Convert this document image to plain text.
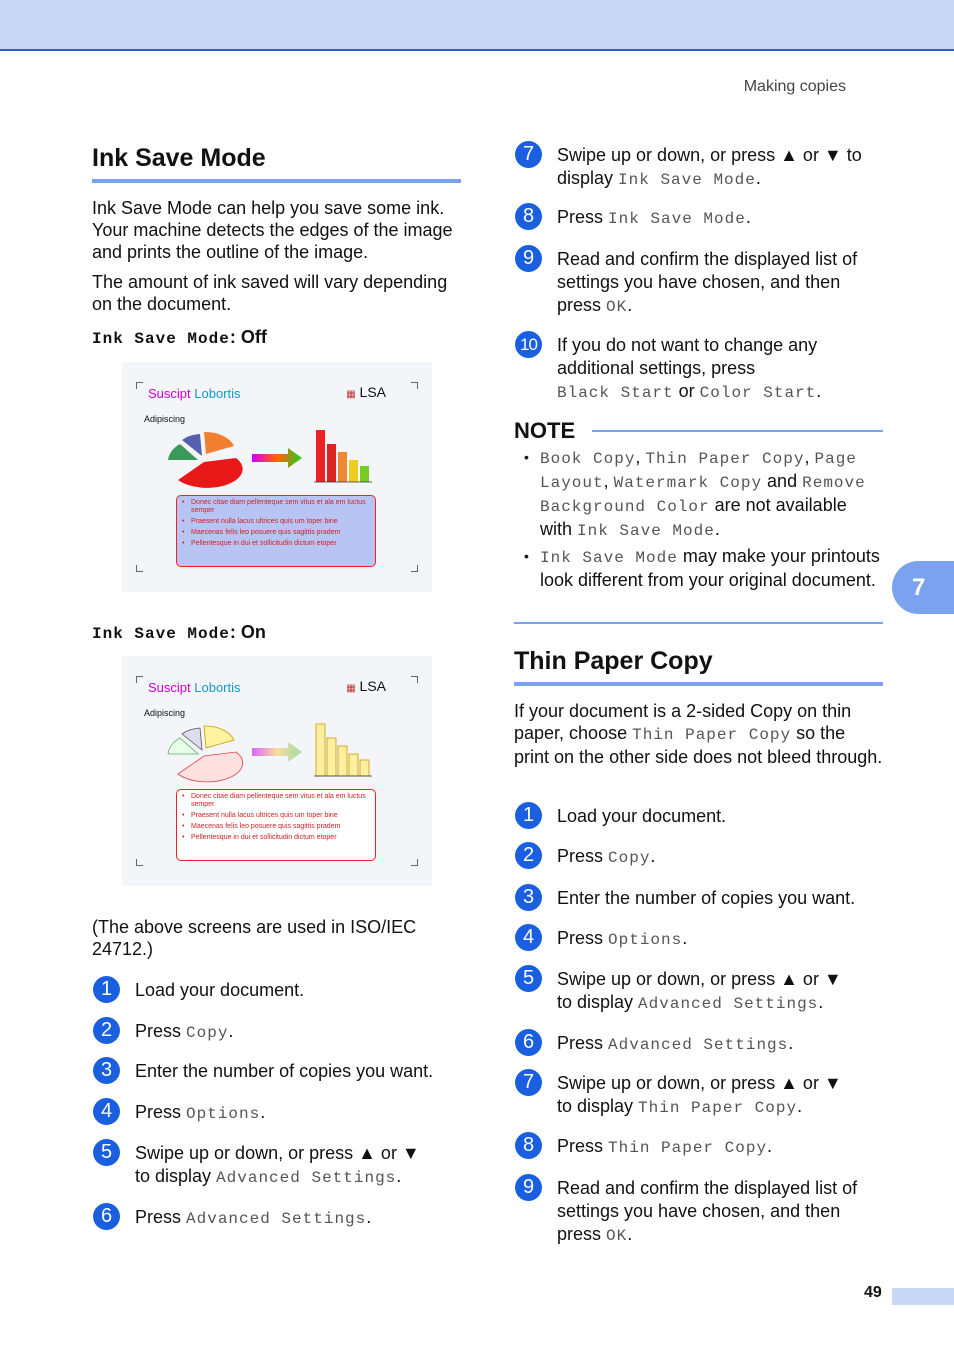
Making copies
Ink Save Mode

Ink Save Mode can help you save some ink. Your machine detects the edges of the image and prints the outline of the image.

The amount of ink saved will vary depending on the document.

Ink Save Mode: Off
Suscipt Lobortis	▦ LSA
Adipiscing
• Donec citae diam pellenteque sem vitus et ala em luctus semper
• Praesent nulla lacus ultrices quis um toper bine
• Maecenas felis leo posuere quis sagittis pradem
• Pellentesque in dui et sollicitudin dictum etoper
Ink Save Mode: On
Suscipt Lobortis	▦ LSA
Adipiscing
• Donec citae diam pellenteque sem vitus et ala em luctus semper
• Praesent nulla lacus ultrices quis um toper bine
• Maecenas felis leo posuere quis sagittis pradem
• Pellentesque in dui et sollicitudin dictum etoper

(The above screens are used in ISO/IEC 24712.)

1	Load your document.
2	Press Copy.
3	Enter the number of copies you want.
4	Press Options.
5	Swipe up or down, or press ▲ or ▼ to display Advanced Settings.
6	Press Advanced Settings.
7	Swipe up or down, or press ▲ or ▼ to display Ink Save Mode.
8	Press Ink Save Mode.
9	Read and confirm the displayed list of settings you have chosen, and then press OK.
10 If you do not want to change any additional settings, press
Black Start or Color Start.
NOTE
• Book Copy, Thin Paper Copy, Page Layout, Watermark Copy and Remove Background Color are not available with Ink Save Mode.
• Ink Save Mode may make your printouts look different from your original document.
Thin Paper Copy

If your document is a 2-sided Copy on thin paper, choose Thin Paper Copy so the print on the other side does not bleed through.

1	Load your document.
2	Press Copy.
3	Enter the number of copies you want.
4	Press Options.
5	Swipe up or down, or press ▲ or ▼ to display Advanced Settings.
6	Press Advanced Settings.
7	Swipe up or down, or press ▲ or ▼ to display Thin Paper Copy.
8	Press Thin Paper Copy.
9	Read and confirm the displayed list of settings you have chosen, and then press OK.
7
49
